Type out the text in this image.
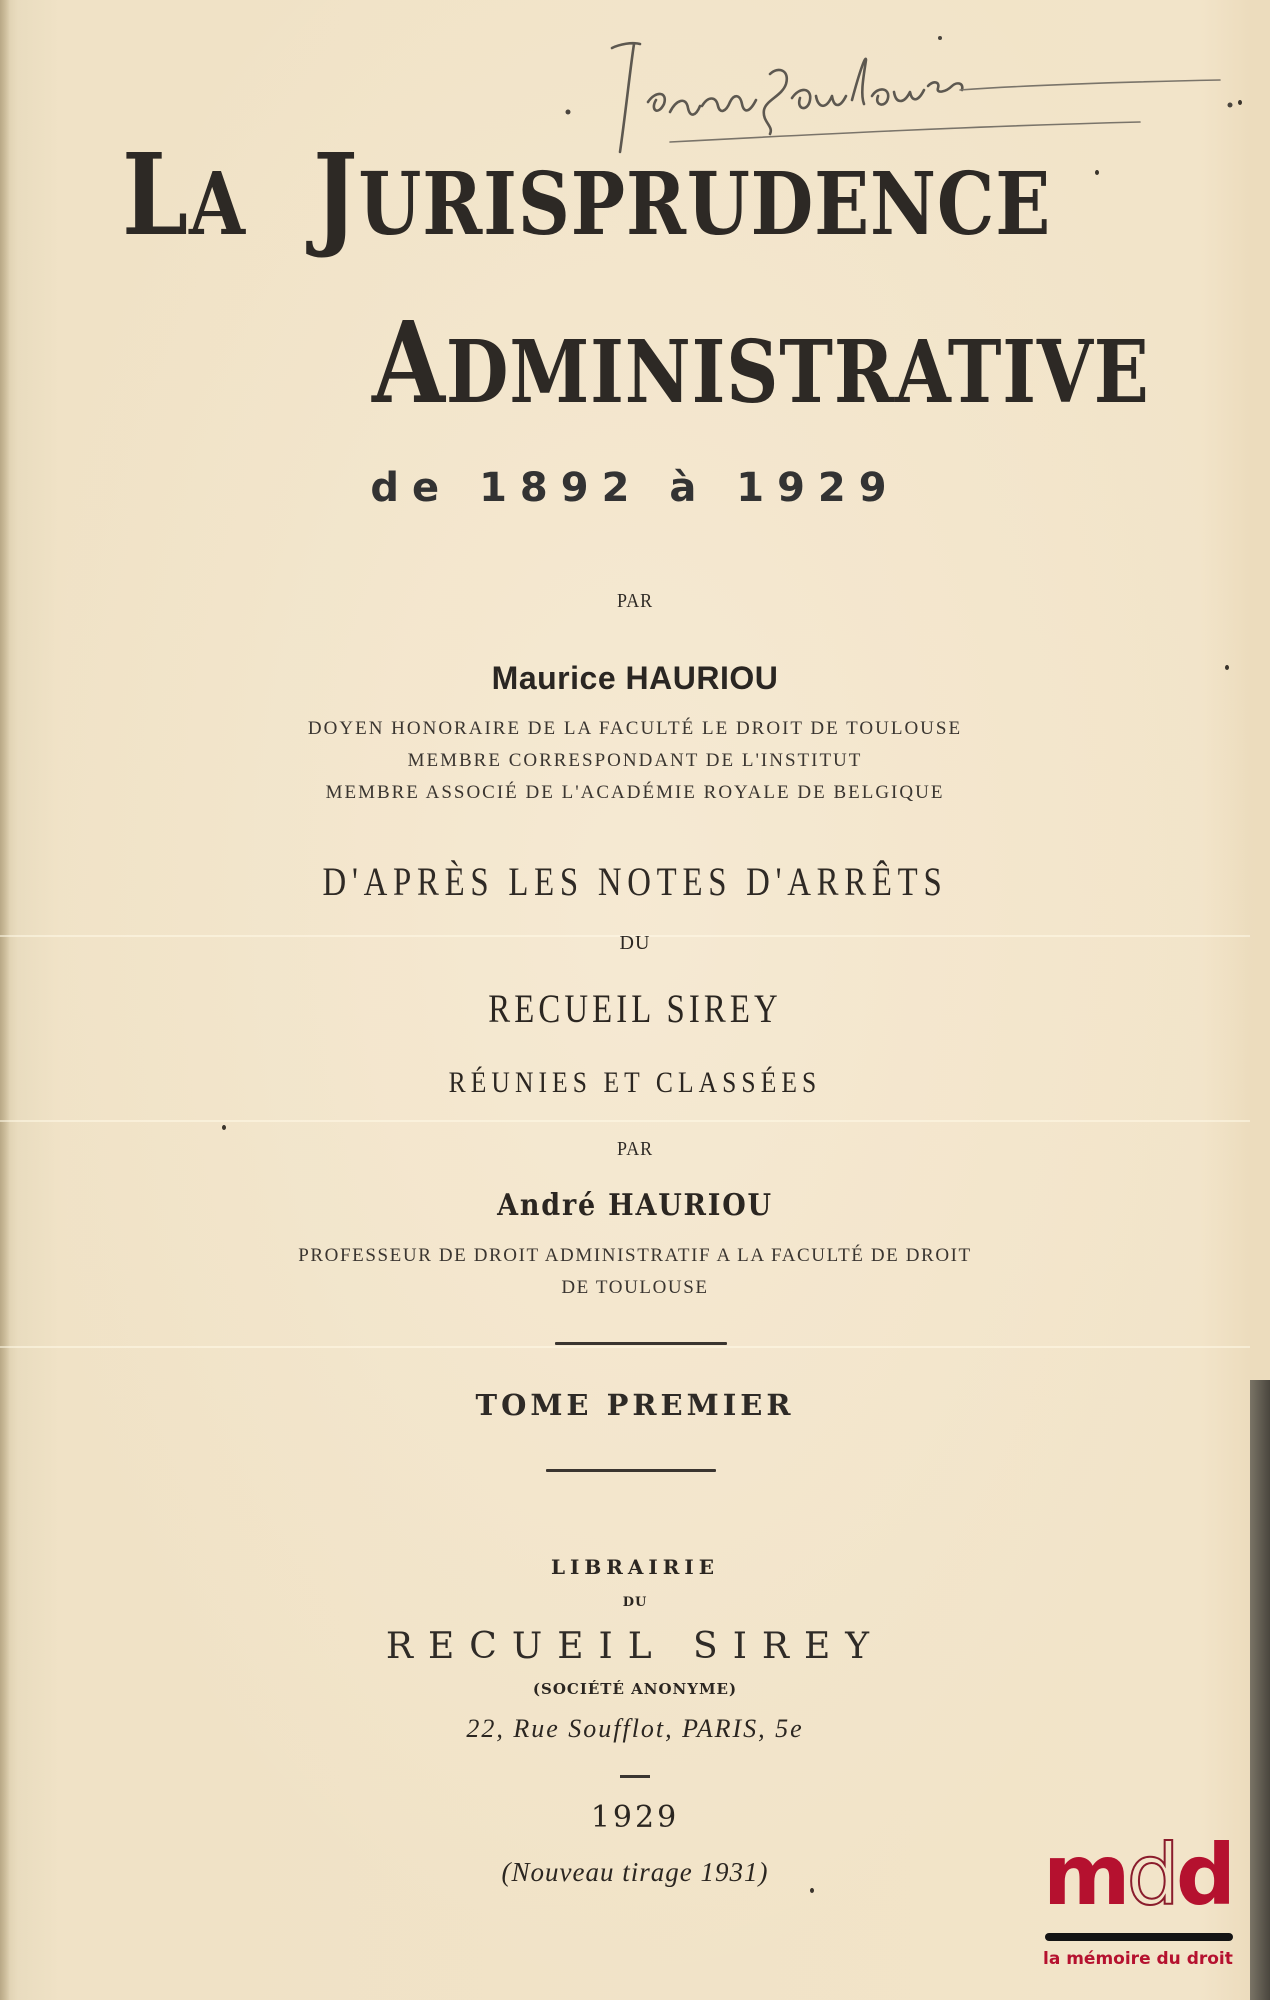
LA JURISPRUDENCE
ADMINISTRATIVE
de 1892 à 1929
PAR
Maurice HAURIOU
DOYEN HONORAIRE DE LA FACULTÉ LE DROIT DE TOULOUSE
MEMBRE CORRESPONDANT DE L'INSTITUT
MEMBRE ASSOCIÉ DE L'ACADÉMIE ROYALE DE BELGIQUE
D'APRÈS LES NOTES D'ARRÊTS
DU
RECUEIL SIREY
RÉUNIES ET CLASSÉES
PAR
André HAURIOU
PROFESSEUR DE DROIT ADMINISTRATIF A LA FACULTÉ DE DROIT
DE TOULOUSE
TOME PREMIER
LIBRAIRIE
DU
RECUEIL SIREY
(SOCIÉTÉ ANONYME)
22, Rue Soufflot, PARIS, 5e
1929
(Nouveau tirage 1931)	mdd
la mémoire du droit
